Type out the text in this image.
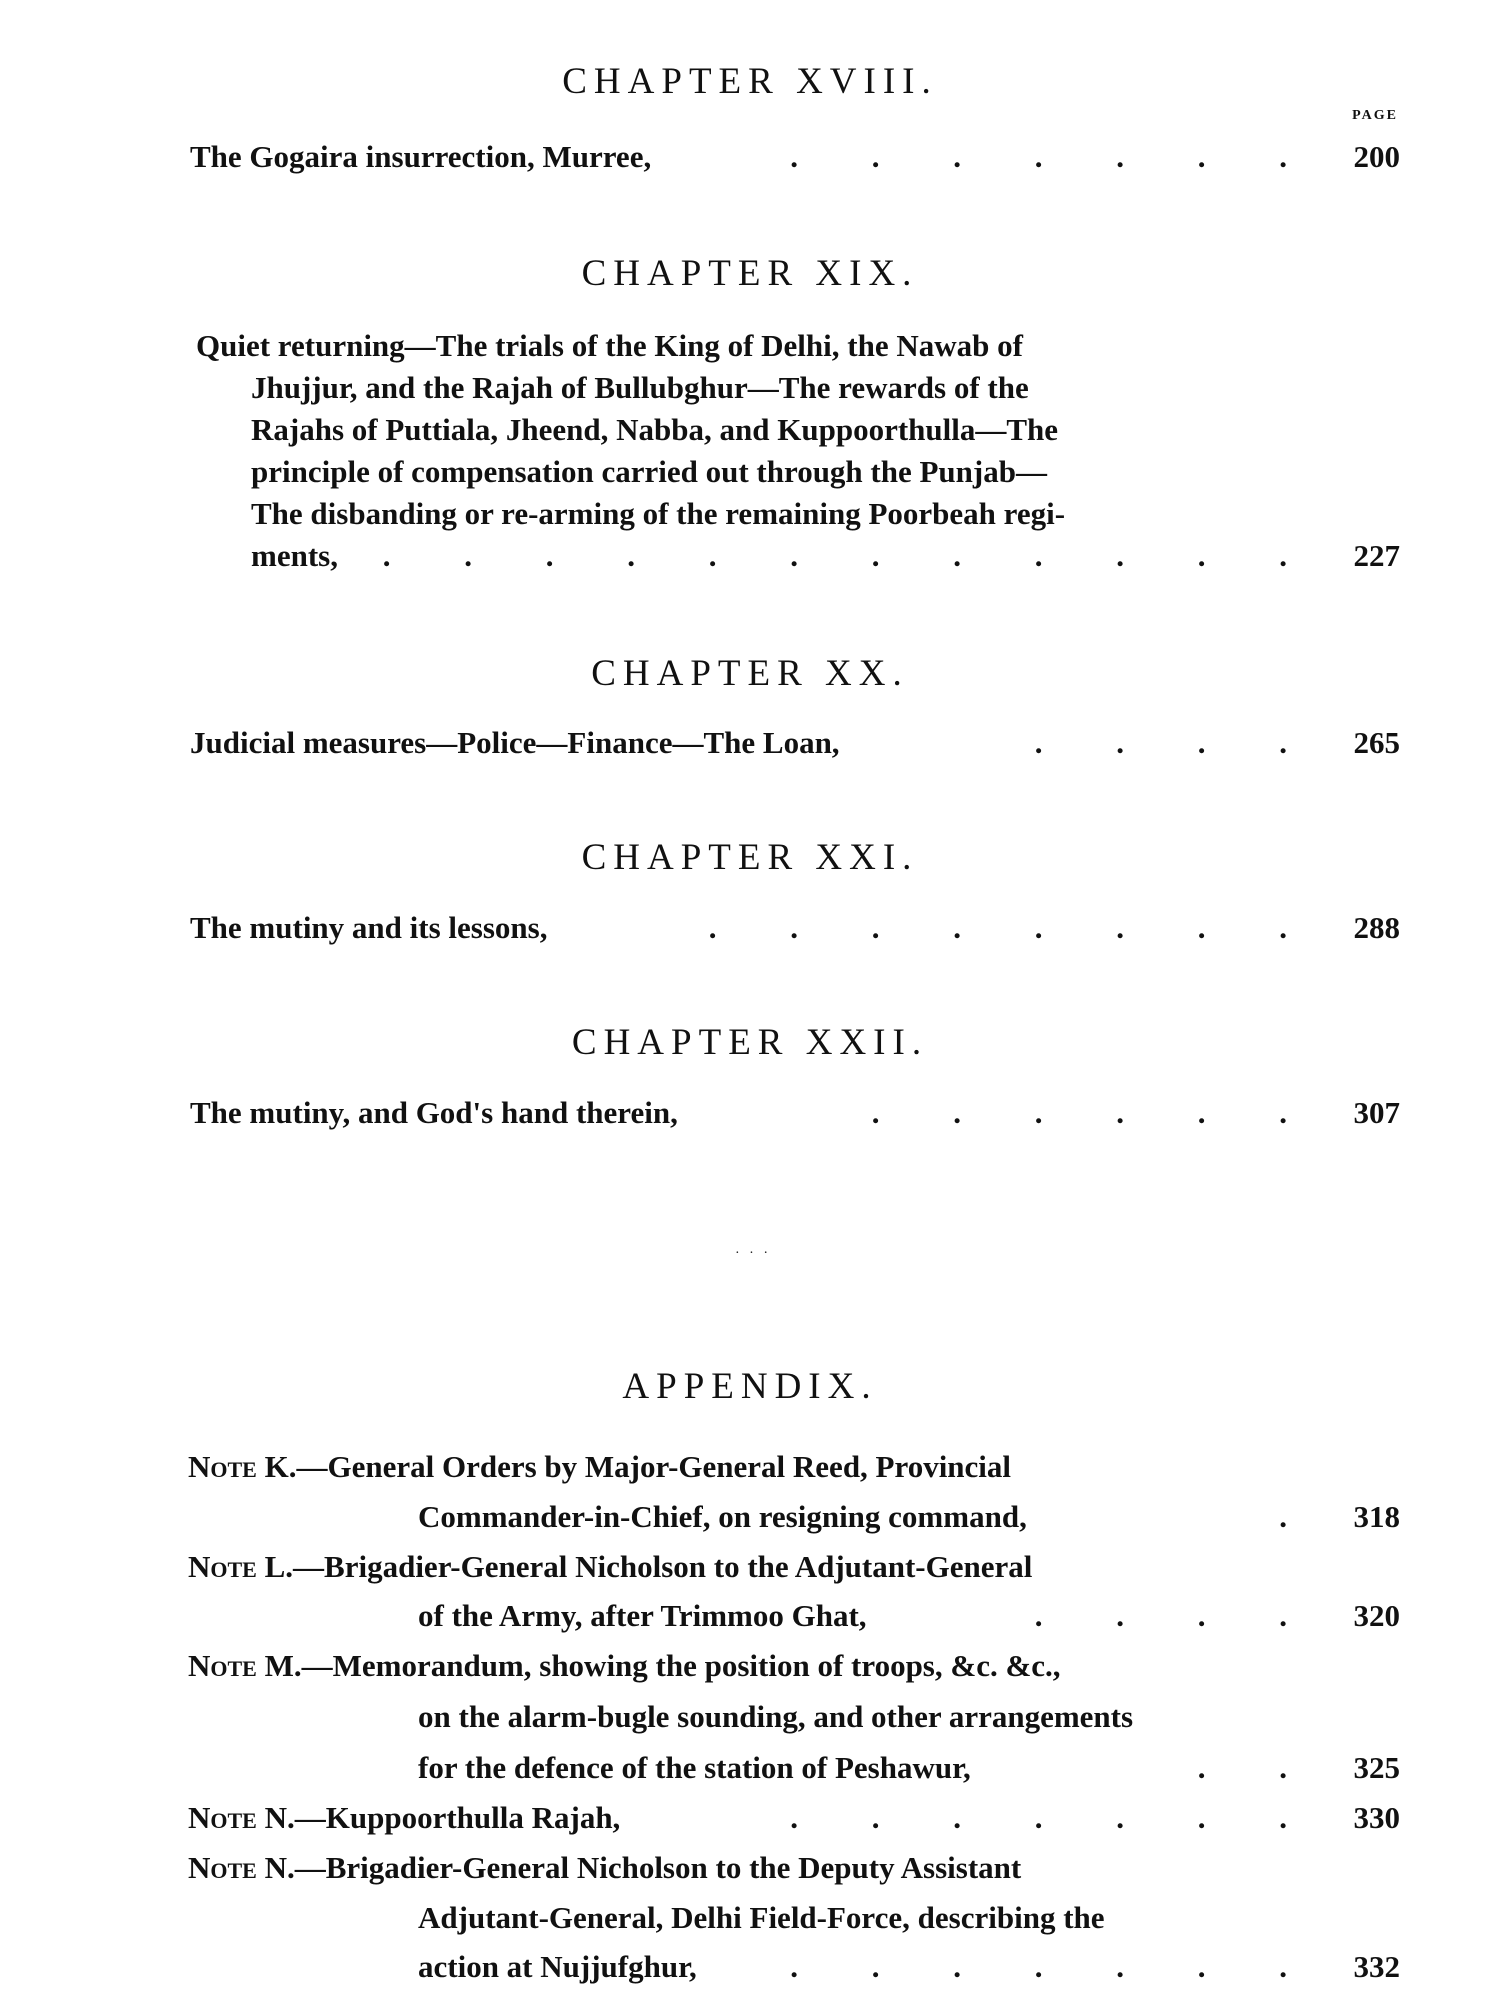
CHAPTER XVIII.
PAGE
The Gogaira insurrection, Murree,	. . . . . . .	200
CHAPTER XIX.
Quiet returning—The trials of the King of Delhi, the Nawab of
Jhujjur, and the Rajah of Bullubghur—The rewards of the
Rajahs of Puttiala, Jheend, Nabba, and Kuppoorthulla—The
principle of compensation carried out through the Punjab—
The disbanding or re-arming of the remaining Poorbeah regi-
ments,	. . . . . . . . . . . .	227
CHAPTER XX.
Judicial measures—Police—Finance—The Loan,	. . . .	265
CHAPTER XXI.
The mutiny and its lessons,	. . . . . . . .	288
CHAPTER XXII.
The mutiny, and God's hand therein,	. . . . . .	307
· · ·
APPENDIX.
Note K.—General Orders by Major-General Reed, Provincial
Commander-in-Chief, on resigning command,	.	318
Note L.—Brigadier-General Nicholson to the Adjutant-General
of the Army, after Trimmoo Ghat,	. . . .	320
Note M.—Memorandum, showing the position of troops, &c. &c.,
on the alarm-bugle sounding, and other arrangements
for the defence of the station of Peshawur,	. .	325
Note N.—Kuppoorthulla Rajah,	. . . . . . .	330
Note N.—Brigadier-General Nicholson to the Deputy Assistant
Adjutant-General, Delhi Field-Force, describing the
action at Nujjufghur,	. . . . . . .	332
